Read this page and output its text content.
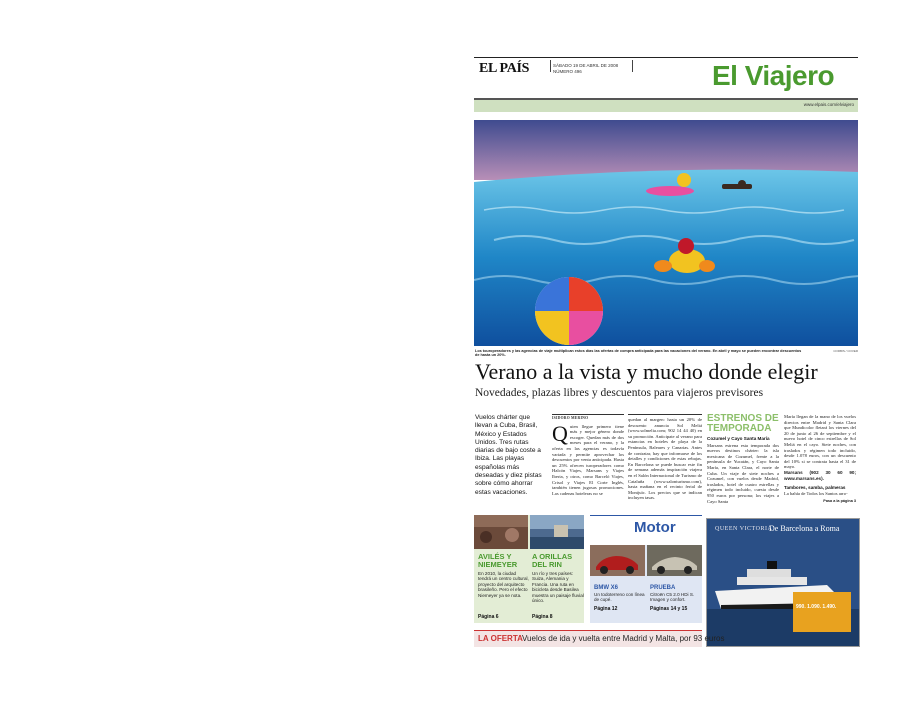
EL PAÍS	SÁBADO 19 DE ABRIL DE 2008
NÚMERO 496	El Viajero
www.elpais.com/elviajero
Los touroperadores y las agencias de viaje multiplican estos días las ofertas de compra anticipada para las vacaciones del verano. En abril y mayo se pueden encontrar descuentos de hasta un 20%.
CORBIS / COVER
Verano a la vista y mucho donde elegir
Novedades, plazas libres y descuentos para viajeros previsores
Vuelos chárter que llevan a Cuba, Brasil, México y Estados Unidos. Tres rutas diarias de bajo coste a Ibiza. Las playas españolas más deseadas y diez pistas sobre cómo ahorrar estas vacaciones.
ISIDORO MERINO
Q uien llegue primero tiene más y mejor género donde escoger. Quedan más de dos meses para el verano, y la oferta en las agencias es todavía variada y permite aprovechar los descuentos por venta anticipada. Hasta un 25% ofrecen turoperadores como Halcón Viajes, Marsans y Viajes Iberia, y otros, como Barceló Viajes, Crisol y Viajes El Corte Inglés, también tienen jugosas promociones. Las cadenas hoteleras no se
quedan al margen: hasta un 20% de descuento anuncia Sol Meliá (www.solmelia.com; 902 14 44 40) en su promoción. Anticipate al verano para estancias en hoteles de playa de la Península, Baleares y Canarias. Antes de contratar, hay que informarse de los detalles y condiciones de estas rebajas. En Barcelona se puede buscar este fin de semana además inspiración viajera en el Salón Internacional de Turismo de Cataluña (www.salonturismo.com), hasta mañana en el recinto ferial de Montjuïc. Los precios que se indican incluyen tasas.
ESTRENOS DE TEMPORADA
Cozumel y Cayo Santa María
Marsans estrena esta temporada dos nuevos destinos chárter: la isla mexicana de Cozumel, frente a la península de Yucatán, y Cayo Santa María, en Santa Clara, el norte de Cuba. Un viaje de siete noches a Cozumel, con vuelos desde Madrid, traslados, hotel de cuatro estrellas y régimen todo incluido, cuesta desde 950 euros por persona; los viajes a Cayo Santa
María llegan de la mano de los vuelos directos entre Madrid y Santa Clara que Mundicolor fletará los viernes del 20 de junio al 26 de septiembre y el nuevo hotel de cinco estrellas de Sol Meliá en el cayo. Siete noches, con traslados y régimen todo incluido, desde 1.078 euros, con un descuento del 10% si se contrata hasta el 31 de mayo.
Marsans (902 30 60 90; www.marsans.es).
Tambores, samba, palmeras
La bahía de Todos los Santos arro-
Pasa a la página 3
AVILÉS Y NIEMEYER
En 2010, la ciudad tendrá un centro cultural, proyecto del arquitecto brasileño. Pero el efecto Niemeyer ya se nota.
Página 6
A ORILLAS DEL RIN
Un río y tres países: Suiza, Alemania y Francia. Una ruta en bicicleta desde Basilea muestra un paisaje fluvial único.
Página 8
Motor
BMW X6
Un todoterreno con línea de cupé.
Página 12
PRUEBA
Citroën C5 2.0 HDi S. Imagen y confort.
Páginas 14 y 15
QUEEN VICTORIA
De Barcelona a Roma
990. 1.090. 1.490.
LA OFERTA Vuelos de ida y vuelta entre Madrid y Malta, por 93 euros
